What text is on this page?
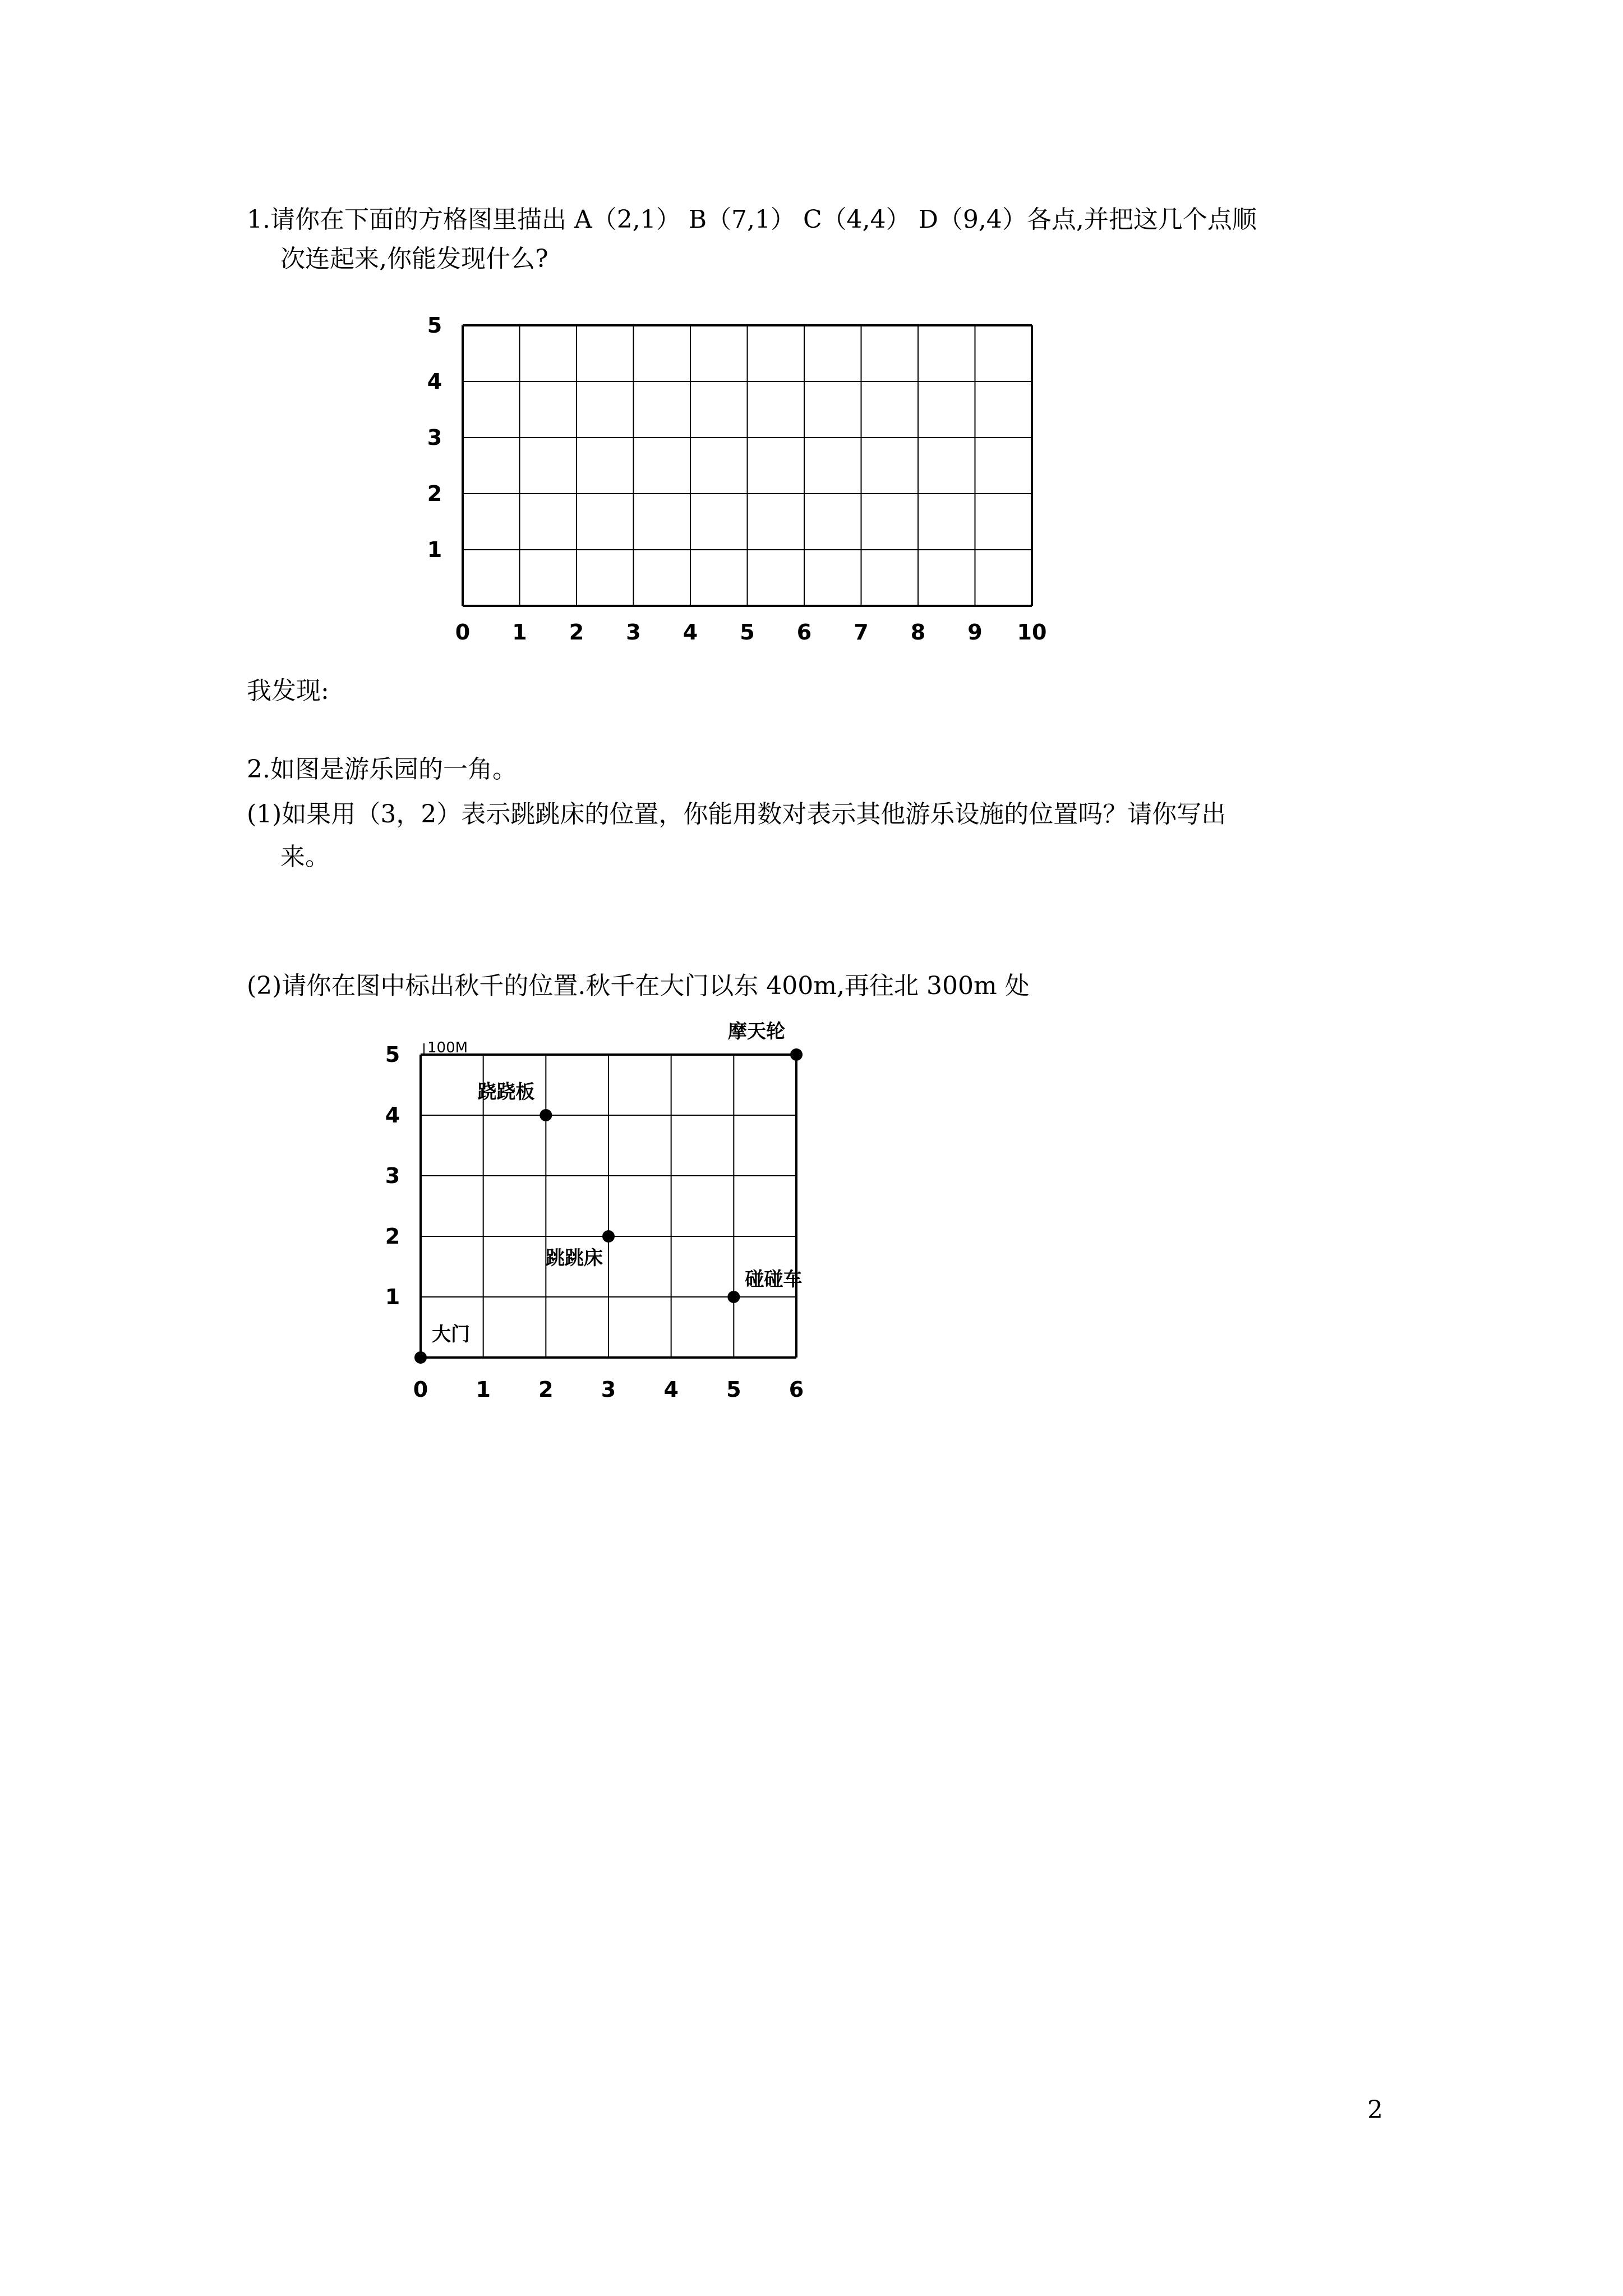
1.请你在下面的方格图里描出 A（2,1） B（7,1） C（4,4） D（9,4）各点,并把这几个点顺

次连起来,你能发现什么?

0 1 2 3 4 5 6 7 8 9 10
1
2
3
4
5

我发现:

2.如图是游乐园的一角。

(1)如果用（3，2）表示跳跳床的位置，你能用数对表示其他游乐设施的位置吗？请你写出

来。

(2)请你在图中标出秋千的位置.秋千在大门以东 400m,再往北 300m 处

0 1 2 3 4 5 6
1
2
3
4
5 100M
大门
跷跷板
摩天轮
跳跳床
碰碰车

2
